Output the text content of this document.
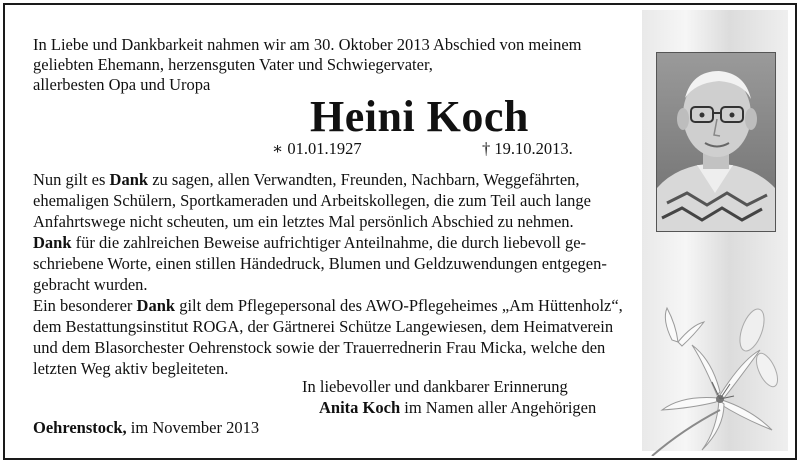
In Liebe und Dankbarkeit nahmen wir am 30. Oktober 2013 Abschied von meinem
geliebten Ehemann, herzensguten Vater und Schwiegervater,
allerbesten Opa und Uropa
Heini Koch
∗ 01.01.1927	† 19.10.2013.
Nun gilt es Dank zu sagen, allen Verwandten, Freunden, Nachbarn, Weggefährten,
ehemaligen Schülern, Sportkameraden und Arbeitskollegen, die zum Teil auch lange
Anfahrtswege nicht scheuten, um ein letztes Mal persönlich Abschied zu nehmen.
Dank für die zahlreichen Beweise aufrichtiger Anteilnahme, die durch liebevoll ge-
schriebene Worte, einen stillen Händedruck, Blumen und Geldzuwendungen entgegen-
gebracht wurden.
Ein besonderer Dank gilt dem Pflegepersonal des AWO-Pflegeheimes „Am Hüttenholz“,
dem Bestattungsinstitut ROGA, der Gärtnerei Schütze Langewiesen, dem Heimatverein
und dem Blasorchester Oehrenstock sowie der Trauerrednerin Frau Micka, welche den
letzten Weg aktiv begleiteten.
In liebevoller und dankbarer Erinnerung
Anita Koch im Namen aller Angehörigen
Oehrenstock, im November 2013
